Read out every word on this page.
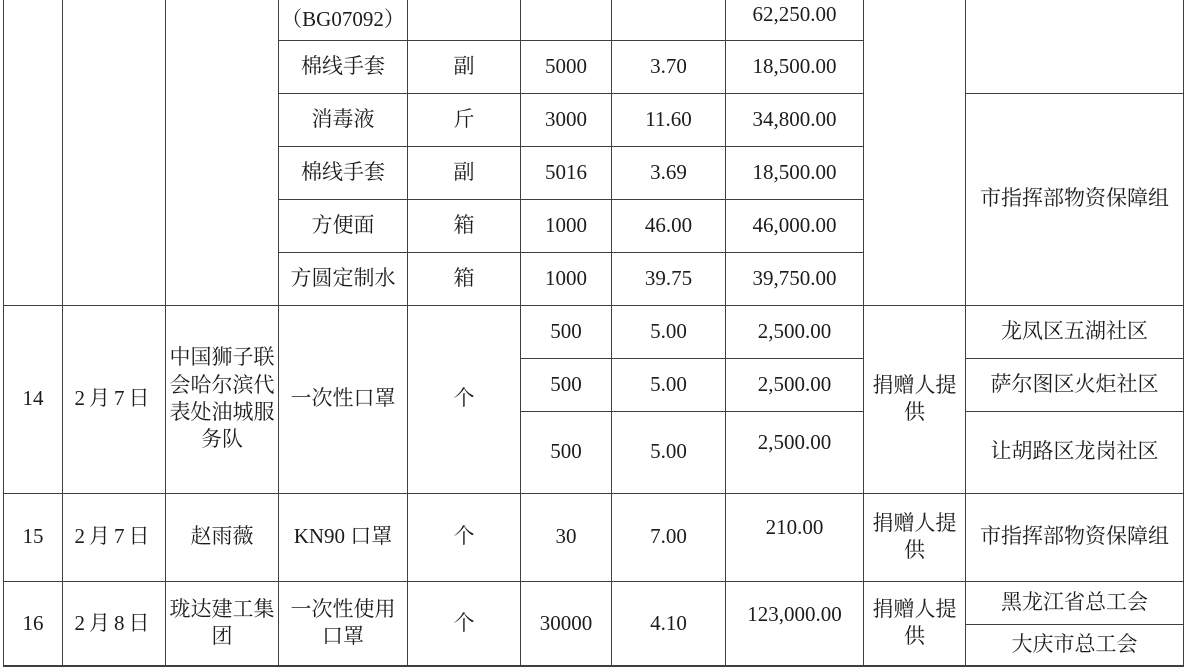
			（BG07092）				62,250.00		
			棉线手套	副	5000	3.70	18,500.00		
			消毒液	斤	3000	11.60	34,800.00		市指挥部物资保障组
			棉线手套	副	5016	3.69	18,500.00		
			方便面	箱	1000	46.00	46,000.00		
			方圆定制水	箱	1000	39.75	39,750.00		
14	2月7日	中国狮子联会哈尔滨代表处油城服务队	一次性口罩	个	500	5.00	2,500.00	捐赠人提供	龙凤区五湖社区
					500	5.00	2,500.00		萨尔图区火炬社区
					500	5.00	2,500.00		让胡路区龙岗社区
15	2月7日	赵雨薇	KN90 口罩	个	30	7.00	210.00	捐赠人提供	市指挥部物资保障组
16	2月8日	珑达建工集团	一次性使用口罩	个	30000	4.10	123,000.00	捐赠人提供	黑龙江省总工会
									大庆市总工会
